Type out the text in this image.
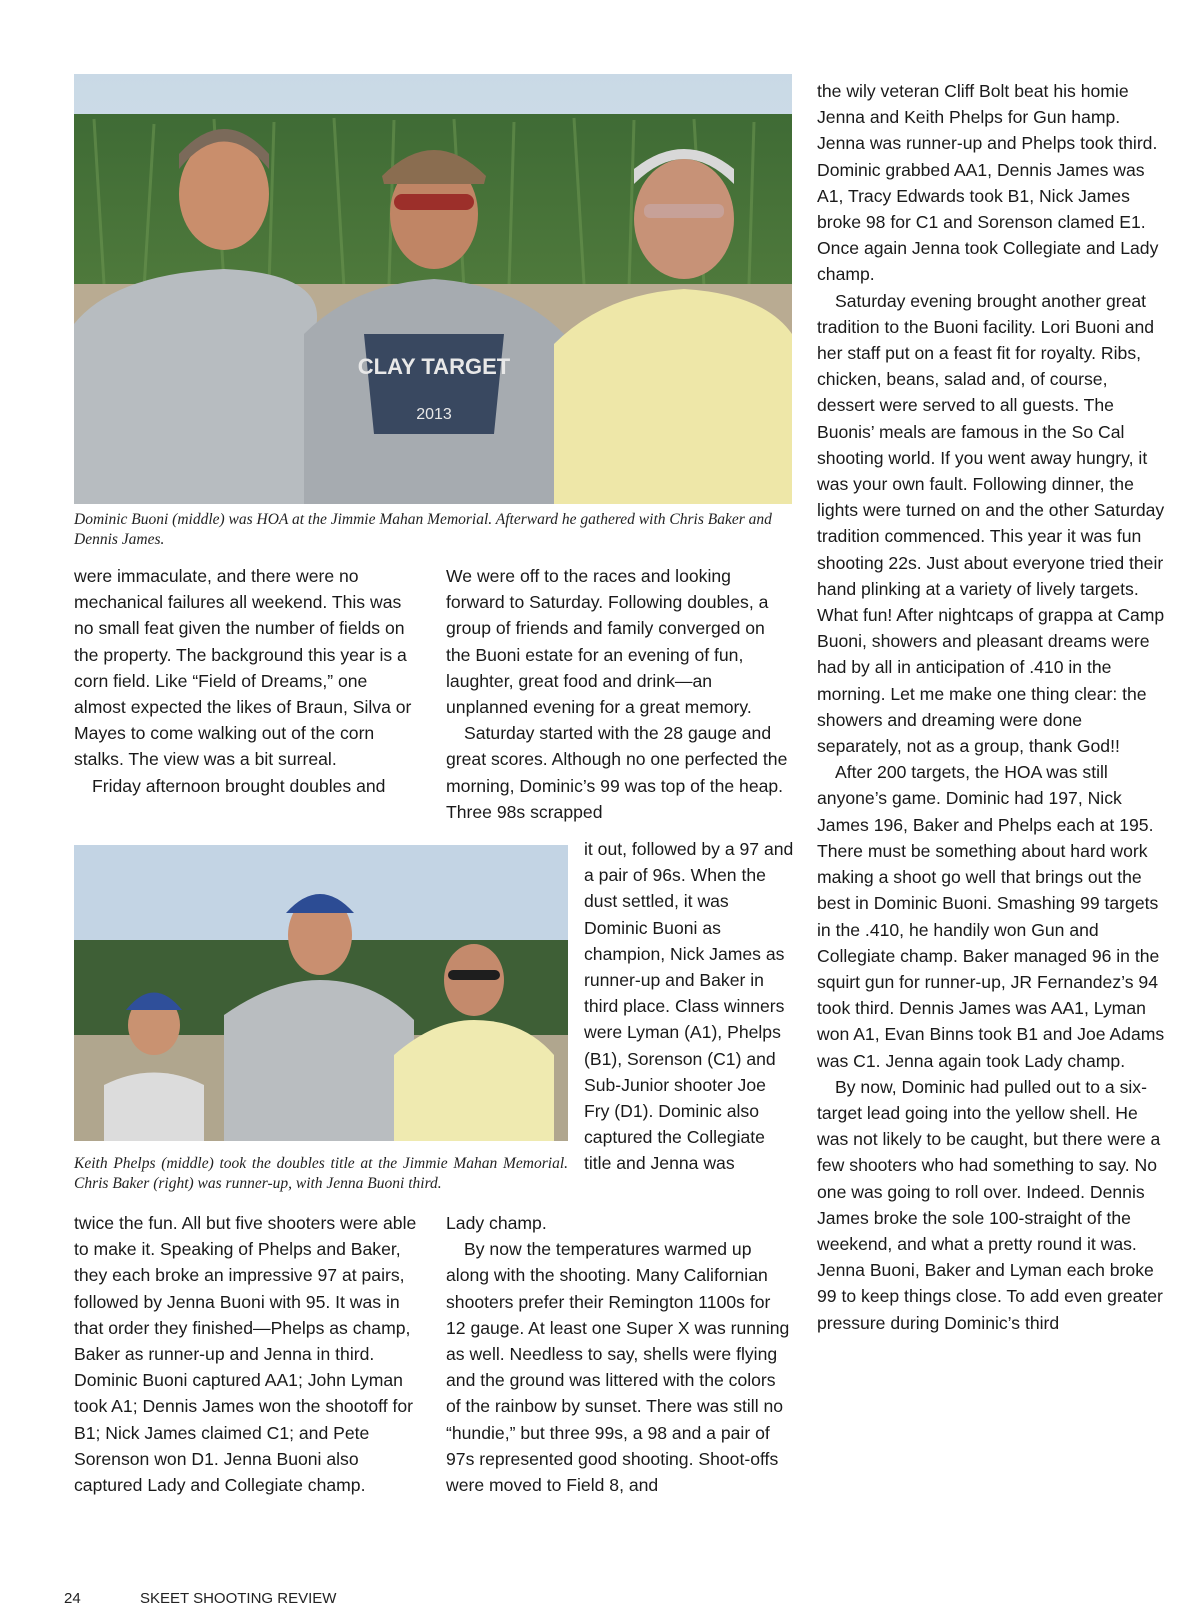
CLAY TARGET
2013
Dominic Buoni (middle) was HOA at the Jimmie Mahan Memorial. Afterward he gathered with Chris Baker and Dennis James.

were immaculate, and there were no mechanical failures all weekend. This was no small feat given the number of fields on the property. The background this year is a corn field. Like “Field of Dreams,” one almost expected the likes of Braun, Silva or Mayes to come walking out of the corn stalks. The view was a bit surreal.

Friday afternoon brought doubles and

We were off to the races and looking forward to Saturday. Following doubles, a group of friends and family converged on the Buoni estate for an evening of fun, laughter, great food and drink—an unplanned evening for a great memory.

Saturday started with the 28 gauge and great scores. Although no one perfected the morning, Dominic’s 99 was top of the heap. Three 98s scrapped

Keith Phelps (middle) took the doubles title at the Jimmie Mahan Memorial. Chris Baker (right) was runner-up, with Jenna Buoni third.

it out, followed by a 97 and a pair of 96s. When the dust settled, it was Dominic Buoni as champion, Nick James as runner-up and Baker in third place. Class winners were Lyman (A1), Phelps (B1), Sorenson (C1) and Sub-Junior shooter Joe Fry (D1). Dominic also captured the Collegiate title and Jenna was

twice the fun. All but five shooters were able to make it. Speaking of Phelps and Baker, they each broke an impressive 97 at pairs, followed by Jenna Buoni with 95. It was in that order they finished—Phelps as champ, Baker as runner-up and Jenna in third. Dominic Buoni captured AA1; John Lyman took A1; Dennis James won the shootoff for B1; Nick James claimed C1; and Pete Sorenson won D1. Jenna Buoni also captured Lady and Collegiate champ.

Lady champ.

By now the temperatures warmed up along with the shooting. Many Californian shooters prefer their Remington 1100s for 12 gauge. At least one Super X was running as well. Needless to say, shells were flying and the ground was littered with the colors of the rainbow by sunset. There was still no “hundie,” but three 99s, a 98 and a pair of 97s represented good shooting. Shoot-offs were moved to Field 8, and

the wily veteran Cliff Bolt beat his homie Jenna and Keith Phelps for Gun hamp. Jenna was runner-up and Phelps took third. Dominic grabbed AA1, Dennis James was A1, Tracy Edwards took B1, Nick James broke 98 for C1 and Sorenson clamed E1. Once again Jenna took Collegiate and Lady champ.

Saturday evening brought another great tradition to the Buoni facility. Lori Buoni and her staff put on a feast fit for royalty. Ribs, chicken, beans, salad and, of course, dessert were served to all guests. The Buonis’ meals are famous in the So Cal shooting world. If you went away hungry, it was your own fault. Following dinner, the lights were turned on and the other Saturday tradition commenced. This year it was fun shooting 22s. Just about everyone tried their hand plinking at a variety of lively targets. What fun! After nightcaps of grappa at Camp Buoni, showers and pleasant dreams were had by all in anticipation of .410 in the morning. Let me make one thing clear: the showers and dreaming were done separately, not as a group, thank God!!

After 200 targets, the HOA was still anyone’s game. Dominic had 197, Nick James 196, Baker and Phelps each at 195. There must be something about hard work making a shoot go well that brings out the best in Dominic Buoni. Smashing 99 targets in the .410, he handily won Gun and Collegiate champ. Baker managed 96 in the squirt gun for runner-up, JR Fernandez’s 94 took third. Dennis James was AA1, Lyman won A1, Evan Binns took B1 and Joe Adams was C1. Jenna again took Lady champ.

By now, Dominic had pulled out to a six-target lead going into the yellow shell. He was not likely to be caught, but there were a few shooters who had something to say. No one was going to roll over. Indeed. Dennis James broke the sole 100-straight of the weekend, and what a pretty round it was. Jenna Buoni, Baker and Lyman each broke 99 to keep things close. To add even greater pressure during Dominic’s third

24	SKEET SHOOTING REVIEW
